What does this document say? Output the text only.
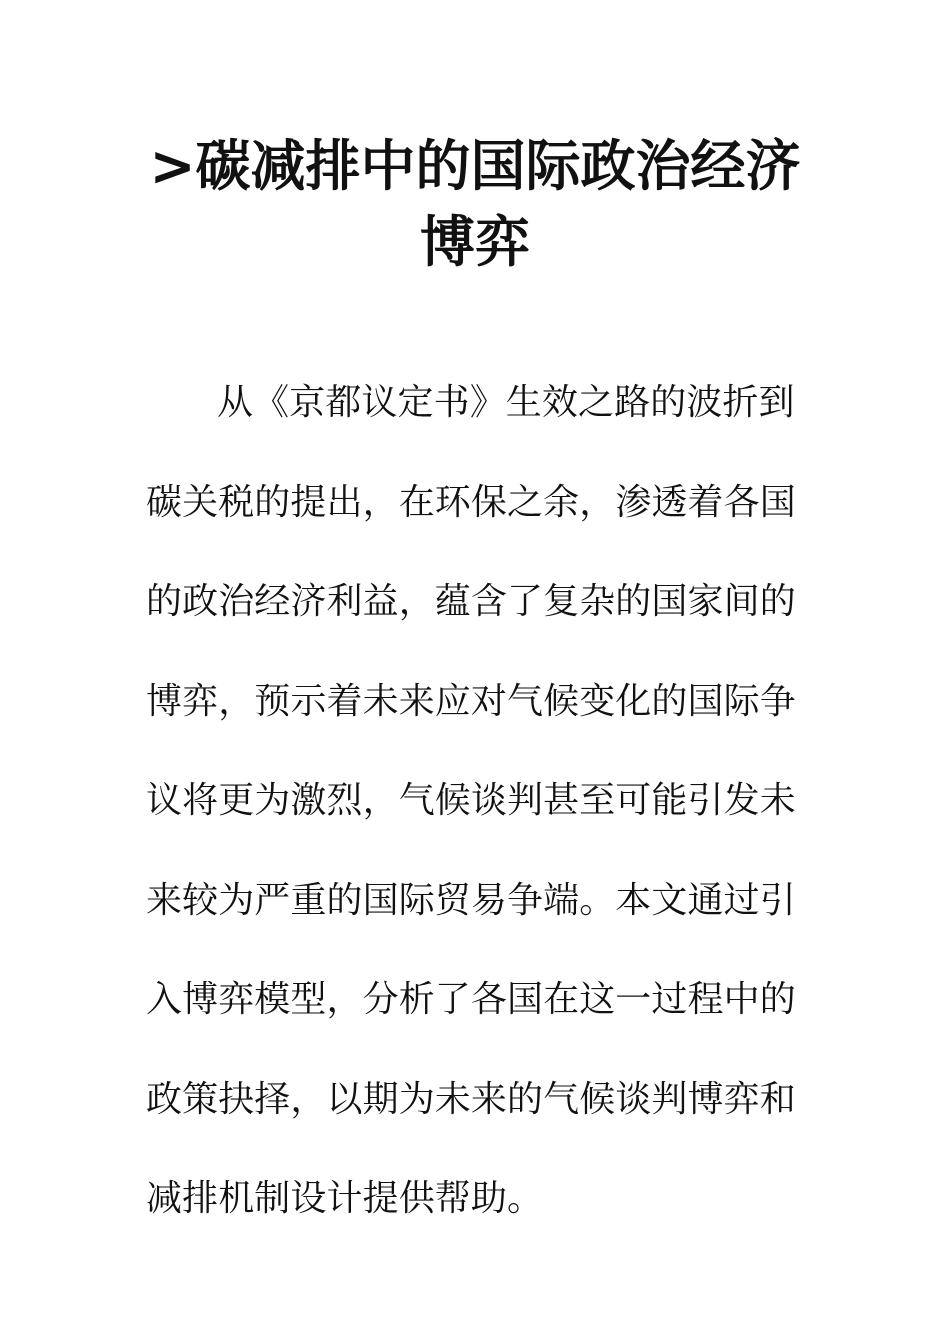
>碳减排中的国际政治经济
博弈
从《京都议定书》生效之路的波折到
碳关税的提出，在环保之余，渗透着各国
的政治经济利益，蕴含了复杂的国家间的
博弈，预示着未来应对气候变化的国际争
议将更为激烈，气候谈判甚至可能引发未
来较为严重的国际贸易争端。本文通过引
入博弈模型，分析了各国在这一过程中的
政策抉择，以期为未来的气候谈判博弈和
减排机制设计提供帮助。
